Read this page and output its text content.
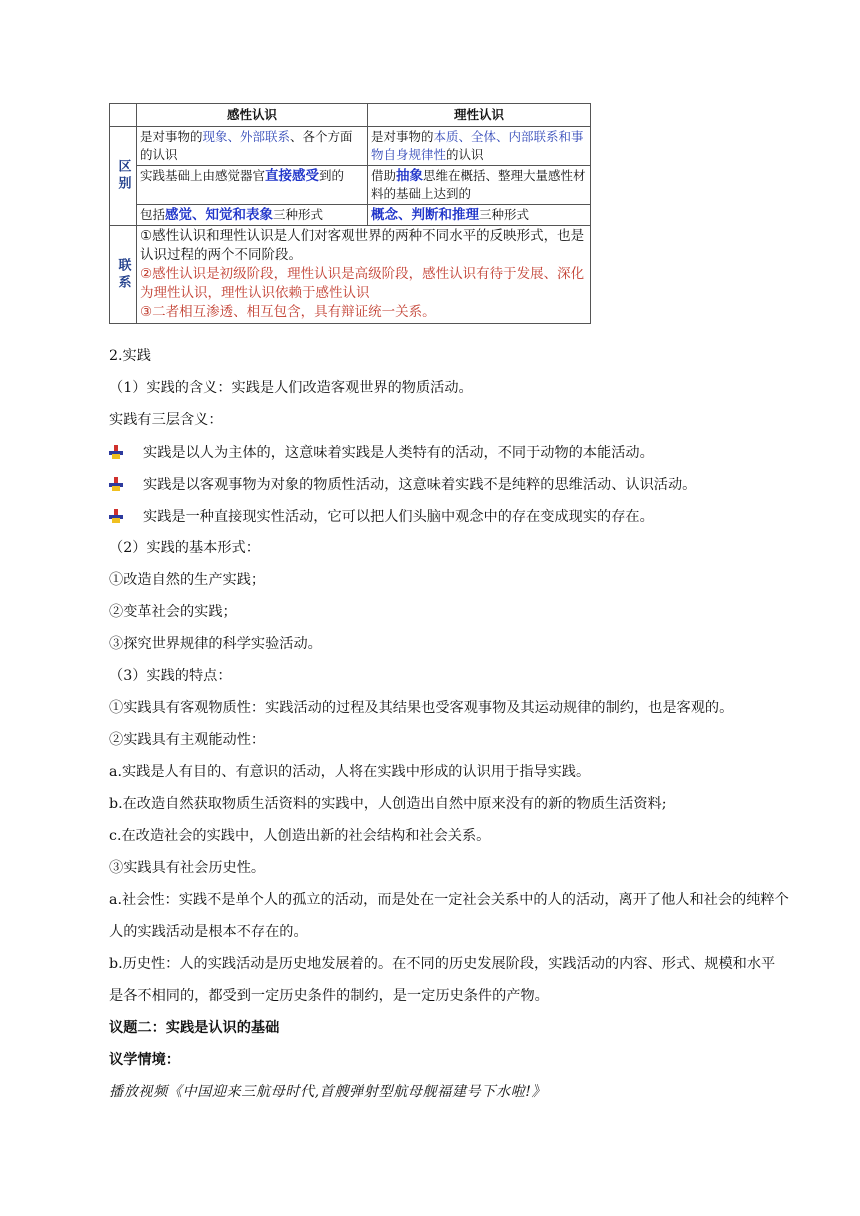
	感性认识	理性认识
区别	是对事物的现象、外部联系、各个方面的认识	是对事物的本质、全体、内部联系和事物自身规律性的认识
	实践基础上由感觉器官直接感受到的	借助抽象思维在概括、整理大量感性材料的基础上达到的
	包括感觉、知觉和表象三种形式	概念、判断和推理三种形式
联系	①感性认识和理性认识是人们对客观世界的两种不同水平的反映形式，也是认识过程的两个不同阶段。
②感性认识是初级阶段，理性认识是高级阶段，感性认识有待于发展、深化为理性认识，理性认识依赖于感性认识
③二者相互渗透、相互包含，具有辩证统一关系。	
2.实践
（1）实践的含义：实践是人们改造客观世界的物质活动。
实践有三层含义：
实践是以人为主体的，这意味着实践是人类特有的活动，不同于动物的本能活动。
实践是以客观事物为对象的物质性活动，这意味着实践不是纯粹的思维活动、认识活动。
实践是一种直接现实性活动，它可以把人们头脑中观念中的存在变成现实的存在。
（2）实践的基本形式：
①改造自然的生产实践；
②变革社会的实践；
③探究世界规律的科学实验活动。
（3）实践的特点：
①实践具有客观物质性：实践活动的过程及其结果也受客观事物及其运动规律的制约，也是客观的。
②实践具有主观能动性：
a.实践是人有目的、有意识的活动，人将在实践中形成的认识用于指导实践。
b.在改造自然获取物质生活资料的实践中，人创造出自然中原来没有的新的物质生活资料;
c.在改造社会的实践中，人创造出新的社会结构和社会关系。
③实践具有社会历史性。
a.社会性：实践不是单个人的孤立的活动，而是处在一定社会关系中的人的活动，离开了他人和社会的纯粹个人的实践活动是根本不存在的。
b.历史性：人的实践活动是历史地发展着的。在不同的历史发展阶段，实践活动的内容、形式、规模和水平是各不相同的，都受到一定历史条件的制约，是一定历史条件的产物。
议题二：实践是认识的基础
议学情境：
播放视频《中国迎来三航母时代,首艘弹射型航母舰福建号下水啦!》
